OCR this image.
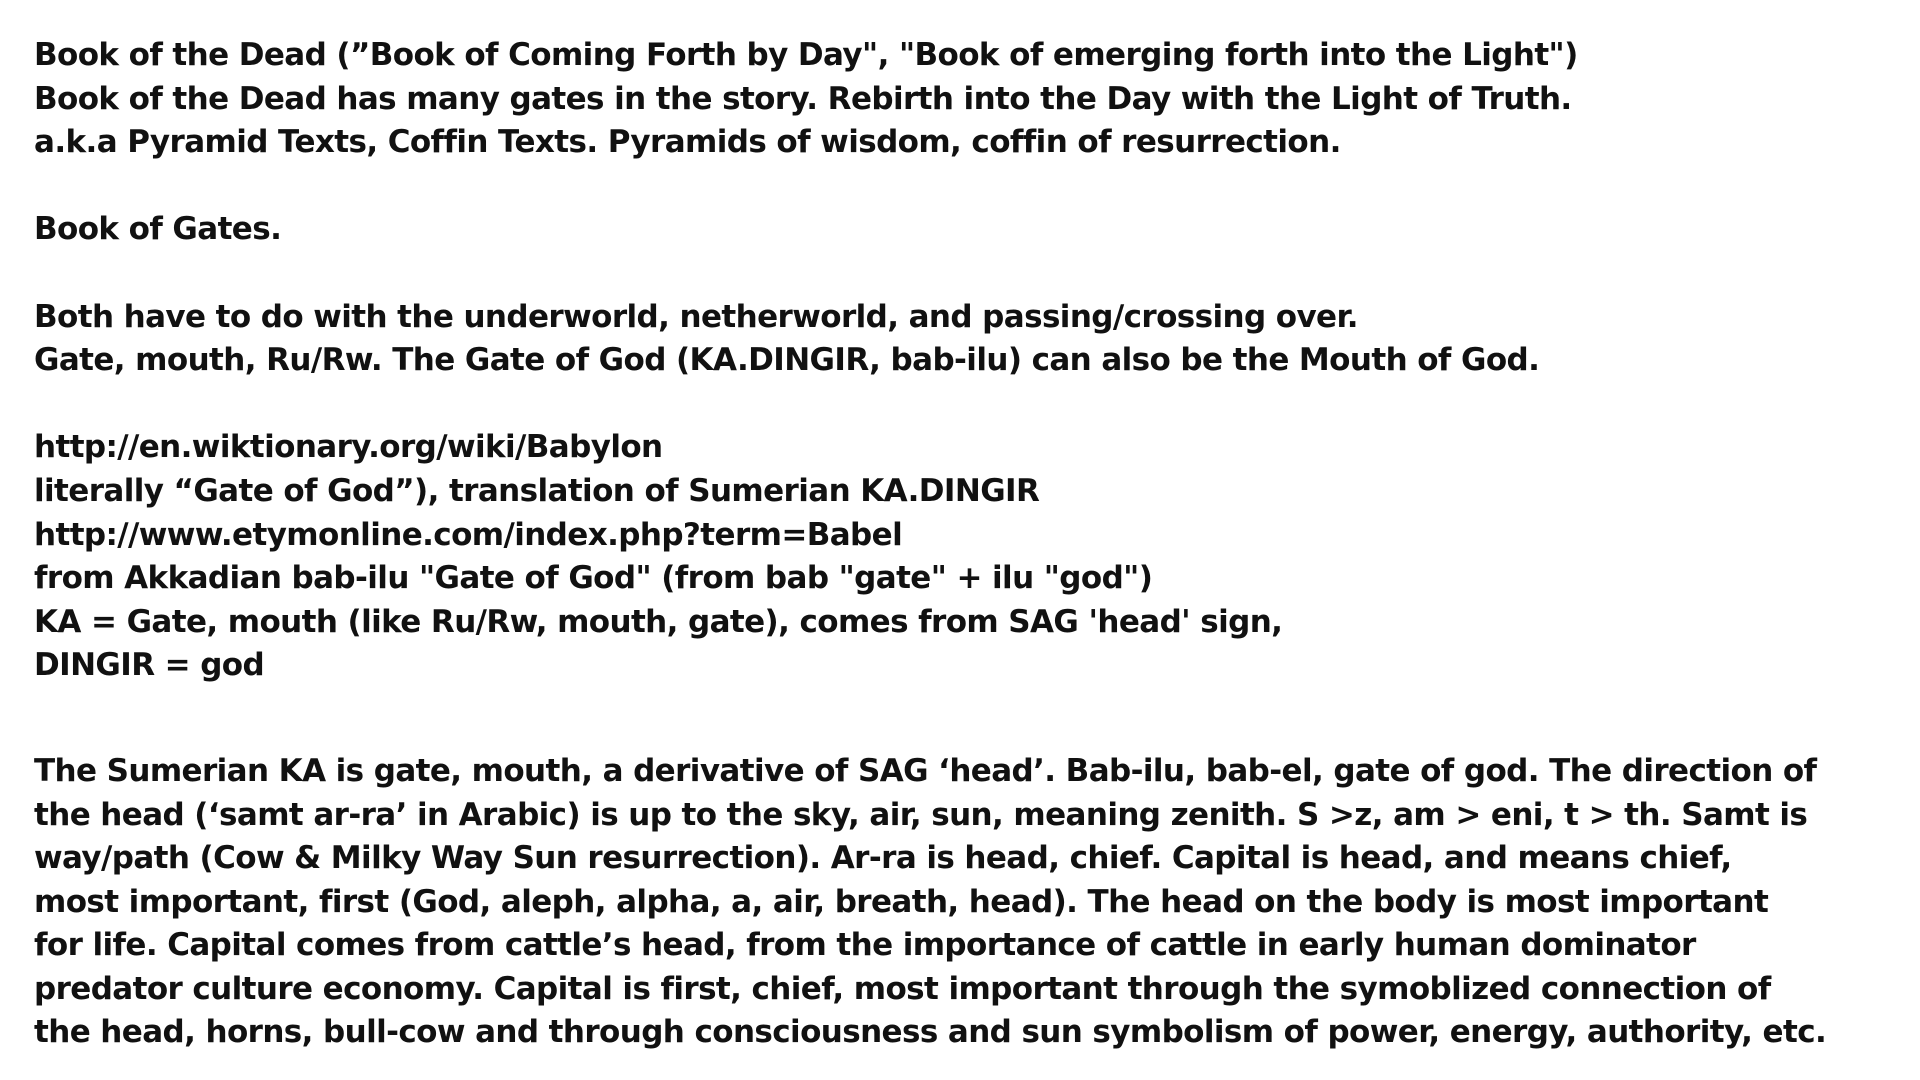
Book of the Dead (”Book of Coming Forth by Day", "Book of emerging forth into the Light")
Book of the Dead has many gates in the story. Rebirth into the Day with the Light of Truth.
a.k.a Pyramid Texts, Coffin Texts. Pyramids of wisdom, coffin of resurrection.
Book of Gates.
Both have to do with the underworld, netherworld, and passing/crossing over.
Gate, mouth, Ru/Rw. The Gate of God (KA.DINGIR, bab-ilu) can also be the Mouth of God.
http://en.wiktionary.org/wiki/Babylon
literally “Gate of God”), translation of Sumerian KA.DINGIR
http://www.etymonline.com/index.php?term=Babel
from Akkadian bab-ilu "Gate of God" (from bab "gate" + ilu "god")
KA = Gate, mouth (like Ru/Rw, mouth, gate), comes from SAG 'head' sign,
DINGIR = god
The Sumerian KA is gate, mouth, a derivative of SAG ‘head’. Bab-ilu, bab-el, gate of god. The direction of
the head (‘samt ar-ra’ in Arabic) is up to the sky, air, sun, meaning zenith. S >z, am > eni, t > th. Samt is
way/path (Cow & Milky Way Sun resurrection). Ar-ra is head, chief. Capital is head, and means chief,
most important, first (God, aleph, alpha, a, air, breath, head). The head on the body is most important
for life. Capital comes from cattle’s head, from the importance of cattle in early human dominator
predator culture economy. Capital is first, chief, most important through the symoblized connection of
the head, horns, bull-cow and through consciousness and sun symbolism of power, energy, authority, etc.
